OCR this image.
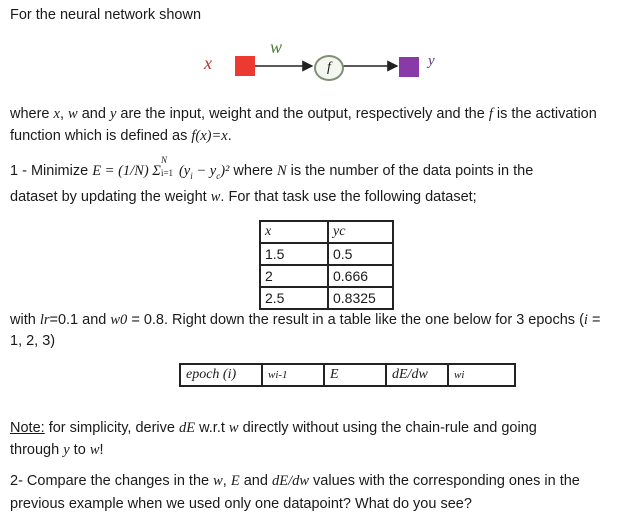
For the neural network shown
x
w
f	y
where x, w and y are the input, weight and the output, respectively and the f is the activation
function which is defined as f(x)=x.
1 - Minimize E = (1/N) Σ
N
i=1 $(y_i - y_c)^2$ where N is the number of the data points in the
dataset by updating the weight w. For that task use the following dataset;
x	yc
1.5	0.5
2	0.666
2.5	0.8325
with lr=0.1 and w0 = 0.8. Right down the result in a table like the one below for 3 epochs (i =
1, 2, 3)
epoch (i)	wi-1	E	dE/dw	wi
Note: for simplicity, derive dE w.r.t w directly without using the chain-rule and going
through y to w!
2- Compare the changes in the w, E and dE/dw values with the corresponding ones in the
previous example when we used only one datapoint? What do you see?
